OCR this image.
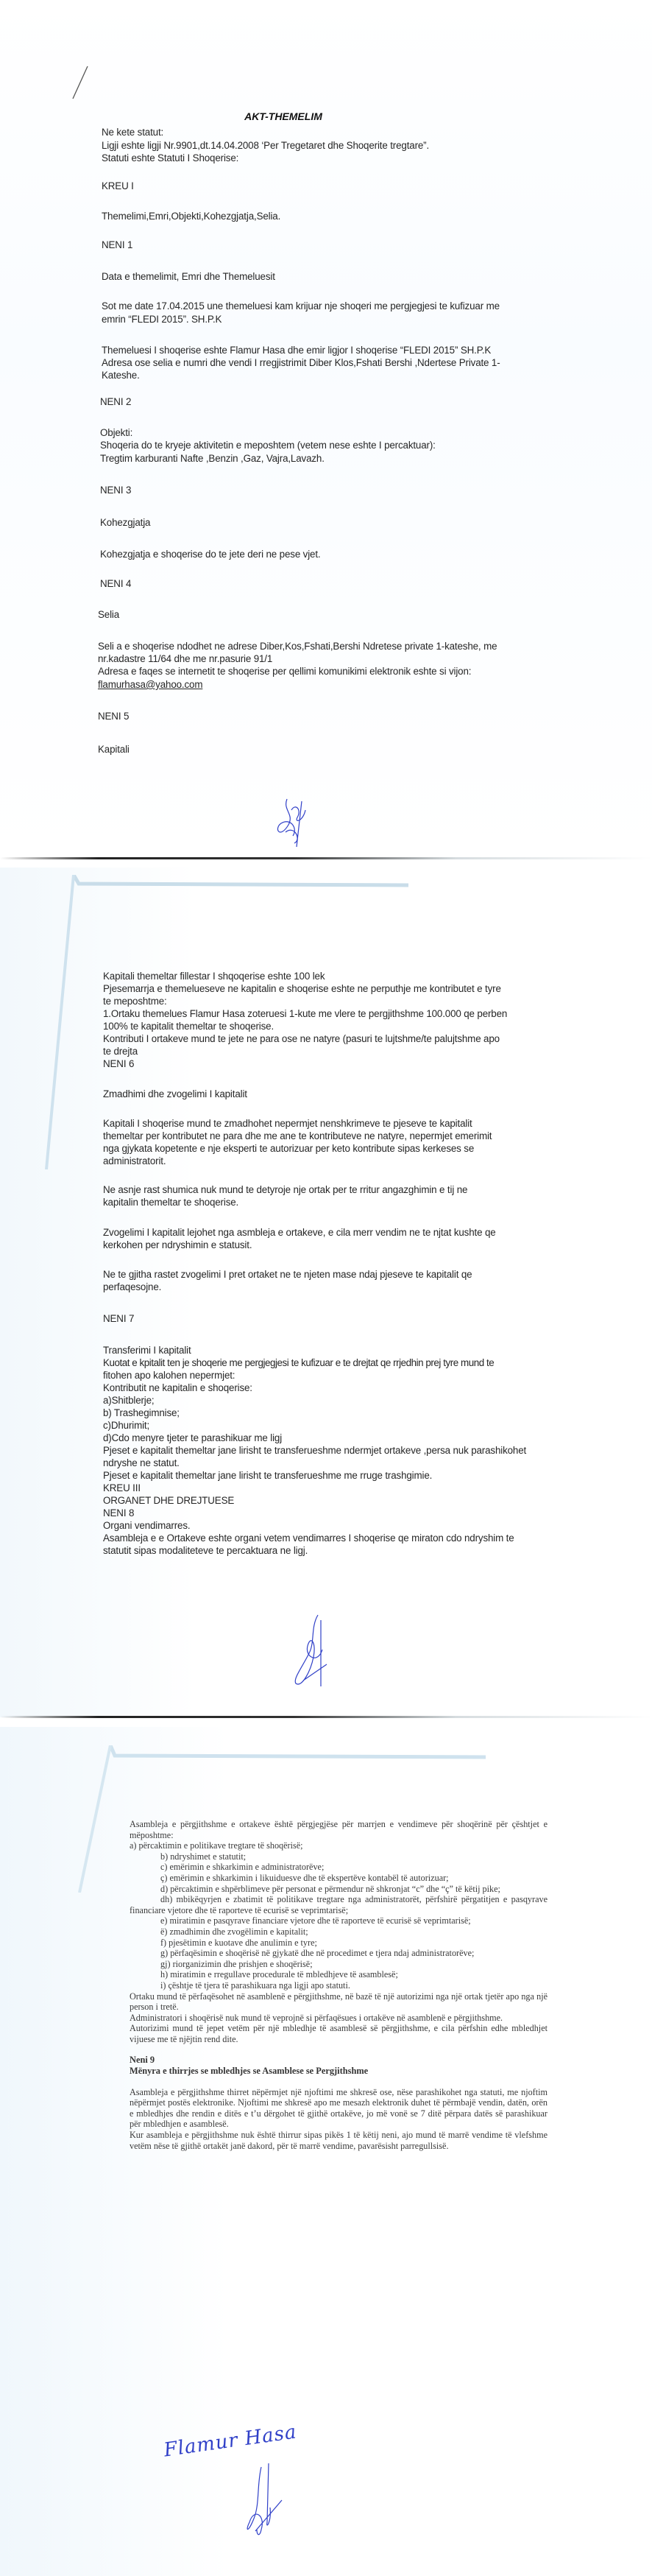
AKT-THEMELIM
Ne kete statut:
Ligji eshte ligji Nr.9901,dt.14.04.2008 ‘Per Tregetaret dhe Shoqerite tregtare”.
Statuti eshte Statuti I Shoqerise:
KREU I
Themelimi,Emri,Objekti,Kohezgjatja,Selia.
NENI 1
Data e themelimit, Emri dhe Themeluesit
Sot me date 17.04.2015 une themeluesi kam krijuar nje shoqeri me pergjegjesi te kufizuar me
emrin “FLEDI 2015”. SH.P.K
Themeluesi I shoqerise eshte Flamur Hasa dhe emir ligjor I shoqerise “FLEDI 2015” SH.P.K
Adresa ose selia e numri dhe vendi I rregjistrimit Diber Klos,Fshati Bershi ,Ndertese Private 1-
Kateshe.
NENI 2
Objekti:
Shoqeria do te kryeje aktivitetin e meposhtem (vetem nese eshte I percaktuar):
Tregtim karburanti Nafte ,Benzin ,Gaz, Vajra,Lavazh.
NENI 3
Kohezgjatja
Kohezgjatja e shoqerise do te jete deri ne pese vjet.
NENI 4
Selia
Seli a e shoqerise ndodhet ne adrese Diber,Kos,Fshati,Bershi Ndretese private 1-kateshe, me
nr.kadastre 11/64 dhe me nr.pasurie 91/1
Adresa e faqes se internetit te shoqerise per qellimi komunikimi elektronik eshte si vijon:
flamurhasa@yahoo.com
NENI 5
Kapitali
Kapitali themeltar fillestar I shqoqerise eshte 100 lek
Pjesemarrja e themelueseve ne kapitalin e shoqerise eshte ne perputhje me kontributet e tyre
te meposhtme:
1.Ortaku themelues Flamur Hasa zoteruesi 1-kute me vlere te pergjithshme 100.000 qe perben
100% te kapitalit themeltar te shoqerise.
Kontributi I ortakeve mund te jete ne para ose ne natyre (pasuri te lujtshme/te palujtshme apo
te drejta
NENI 6
Zmadhimi dhe zvogelimi I kapitalit
Kapitali I shoqerise mund te zmadhohet nepermjet nenshkrimeve te pjeseve te kapitalit
themeltar per kontributet ne para dhe me ane te kontributeve ne natyre, nepermjet emerimit
nga gjykata kopetente e nje eksperti te autorizuar per keto kontribute sipas kerkeses se
administratorit.
Ne asnje rast shumica nuk mund te detyroje nje ortak per te rritur angazghimin e tij ne
kapitalin themeltar te shoqerise.
Zvogelimi I kapitalit lejohet nga asmbleja e ortakeve, e cila merr vendim ne te njtat kushte qe
kerkohen per ndryshimin e statusit.
Ne te gjitha rastet zvogelimi I pret ortaket ne te njeten mase ndaj pjeseve te kapitalit qe
perfaqesojne.
NENI 7
Transferimi I kapitalit
Kuotat e kpitalit ten je shoqerie me pergjegjesi te kufizuar e te drejtat qe rrjedhin prej tyre mund te
fitohen apo kalohen nepermjet:
Kontributit ne kapitalin e shoqerise:
a)Shitblerje;
b) Trashegimnise;
c)Dhurimit;
d)Cdo menyre tjeter te parashikuar me ligj
Pjeset e kapitalit themeltar jane lirisht te transferueshme ndermjet ortakeve ,persa nuk parashikohet
ndryshe ne statut.
Pjeset e kapitalit themeltar jane lirisht te transferueshme me rruge trashgimie.
KREU III
ORGANET DHE DREJTUESE
NENI 8
Organi vendimarres.
Asambleja e e Ortakeve eshte organi vetem vendimarres I shoqerise qe miraton cdo ndryshim te
statutit sipas modaliteteve te percaktuara ne ligj.

Asambleja e përgjithshme e ortakeve është përgjegjëse për marrjen e vendimeve për shoqërinë për çështjet e mëposhtme:

a) përcaktimin e politikave tregtare të shoqërisë;

b) ndryshimet e statutit;

c) emërimin e shkarkimin e administratorëve;

ç) emërimin e shkarkimin i likuiduesve dhe të ekspertëve kontabël të autorizuar;

d) përcaktimin e shpërblimeve për personat e përmendur në shkronjat “c” dhe “ç” të këtij pike;

dh) mbikëqyrjen e zbatimit të politikave tregtare nga administratorët, përfshirë përgatitjen e pasqyrave financiare vjetore dhe të raporteve të ecurisë se veprimtarisë;

e) miratimin e pasqyrave financiare vjetore dhe të raporteve të ecurisë së veprimtarisë;

ë) zmadhimin dhe zvogëlimin e kapitalit;

f) pjesëtimin e kuotave dhe anulimin e tyre;

g) përfaqësimin e shoqërisë në gjykatë dhe në procedimet e tjera ndaj administratorëve;

gj) riorganizimin dhe prishjen e shoqërisë;

h) miratimin e rregullave procedurale të mbledhjeve të asamblesë;

i) çështje të tjera të parashikuara nga ligji apo statuti.

Ortaku mund të përfaqësohet në asamblenë e përgjithshme, në bazë të një autorizimi nga një ortak tjetër apo nga një person i tretë.

Administratori i shoqërisë nuk mund të veprojnë si përfaqësues i ortakëve në asamblenë e përgjithshme.

Autorizimi mund të jepet vetëm për një mbledhje të asamblesë së përgjithshme, e cila përfshin edhe mbledhjet vijuese me të njëjtin rend dite.

Neni 9
Mënyra e thirrjes se mbledhjes se Asamblese se Pergjithshme

Asambleja e përgjithshme thirret nëpërmjet një njoftimi me shkresë ose, nëse parashikohet nga statuti, me njoftim nëpërmjet postës elektronike. Njoftimi me shkresë apo me mesazh elektronik duhet të përmbajë vendin, datën, orën e mbledhjes dhe rendin e ditës e t’u dërgohet të gjithë ortakëve, jo më vonë se 7 ditë përpara datës së parashikuar për mbledhjen e asamblesë.

Kur asambleja e përgjithshme nuk është thirrur sipas pikës 1 të këtij neni, ajo mund të marrë vendime të vlefshme vetëm nëse të gjithë ortakët janë dakord, për të marrë vendime, pavarësisht parregullsisë.

Flamur Hasa
